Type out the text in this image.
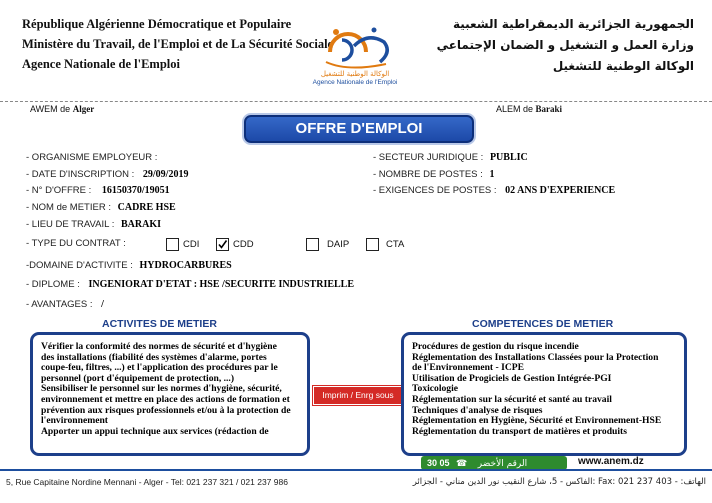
République Algérienne Démocratique et Populaire
Ministère du Travail, de l'Emploi et de La Sécurité Sociale
Agence Nationale de l'Emploi
الوكالة الوطنية للتشغيل
Agence Nationale de l'Emploi
الجمهورية الجزائرية الديمقراطية الشعبية
وزارة العمل و التشغيل و الضمان الإجتماعي
الوكالة الوطنية للتشغيل
AWEM de Alger	ALEM de Baraki
OFFRE D'EMPLOI
- ORGANISME EMPLOYEUR :
- DATE D'INSCRIPTION : 29/09/2019
- N° D'OFFRE : 16150370/19051
- NOM de METIER : CADRE HSE
- LIEU DE TRAVAIL : BARAKI
- SECTEUR JURIDIQUE : PUBLIC
- NOMBRE DE POSTES : 1
- EXIGENCES DE POSTES : 02 ANS D'EXPERIENCE
- TYPE DU CONTRAT :	CDI	CDD	DAIP	CTA
-DOMAINE D'ACTIVITE : HYDROCARBURES
- DIPLOME : INGENIORAT D'ETAT : HSE /SECURITE INDUSTRIELLE
- AVANTAGES : /
ACTIVITES DE METIER	COMPETENCES DE METIER
Vérifier la conformité des normes de sécurité et d'hygiène
des installations (fiabilité des systèmes d'alarme, portes
coupe-feu, filtres, ...) et l'application des procédures par le
personnel (port d'équipement de protection, ...)
Sensibiliser le personnel sur les normes d'hygiène, sécurité,
environnement et mettre en place des actions de formation et
prévention aux risques professionnels et/ou à la protection de
l'environnement
Apporter un appui technique aux services (rédaction de
Imprim / Enrg sous
Procédures de gestion du risque incendie
Réglementation des Installations Classées pour la Protection
de l'Environnement - ICPE
Utilisation de Progiciels de Gestion Intégrée-PGI
Toxicologie
Réglementation sur la sécurité et santé au travail
Techniques d'analyse de risques
Réglementation en Hygiène, Sécurité et Environnement-HSE
Réglementation du transport de matières et produits
30 05 ☎ الرقم الأخضر	www.anem.dz
5, Rue Capitaine Nordine Mennani - Alger - Tel: 021 237 321 / 021 237 986	الهاتف: - Fax: 021 237 403 :الفاكس - 5، شارع النقيب نور الدين مناني - الجزائر
